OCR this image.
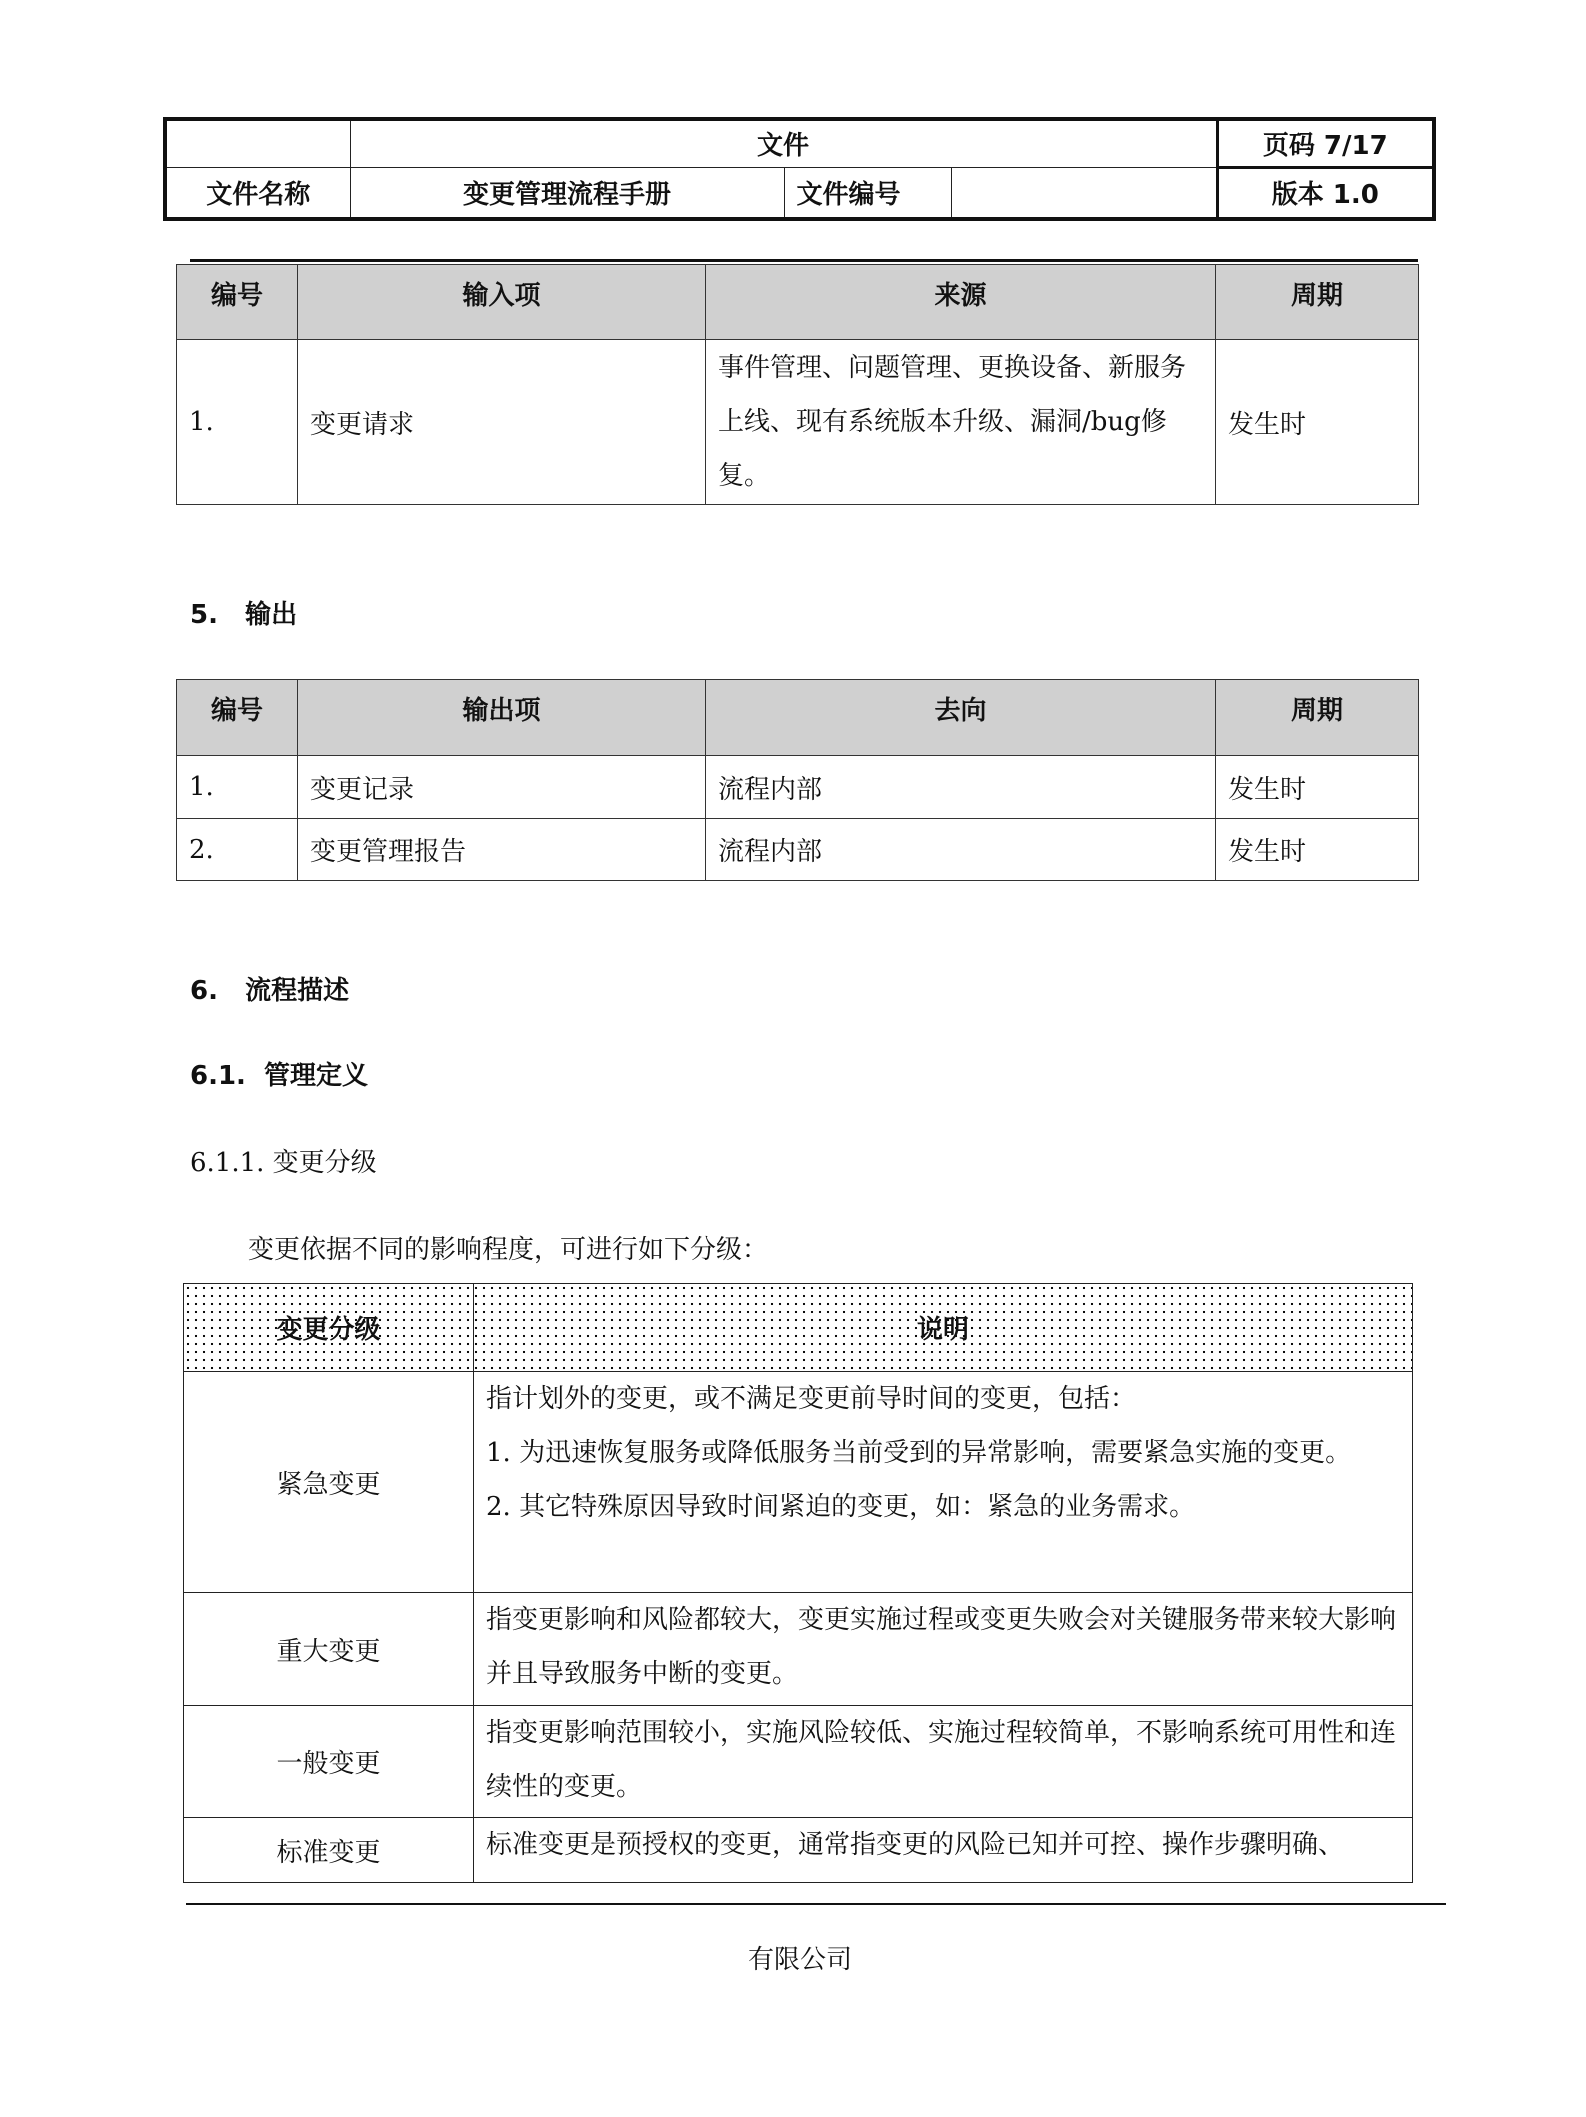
	文件			页码 7/17
文件名称	变更管理流程手册	文件编号		版本 1.0
编号	输入项	来源	周期
1.	变更请求	事件管理、问题管理、更换设备、新服务上线、现有系统版本升级、漏洞/bug修复。	发生时
5.   输出
编号	输出项	去向	周期
1.	变更记录	流程内部	发生时
2.	变更管理报告	流程内部	发生时
6.   流程描述
6.1.  管理定义
6.1.1. 变更分级
变更依据不同的影响程度，可进行如下分级：
变更分级	说明
紧急变更	指计划外的变更，或不满足变更前导时间的变更，包括：
1. 为迅速恢复服务或降低服务当前受到的异常影响，需要紧急实施的变更。
2. 其它特殊原因导致时间紧迫的变更，如：紧急的业务需求。

重大变更	指变更影响和风险都较大，变更实施过程或变更失败会对关键服务带来较大影响并且导致服务中断的变更。
一般变更	指变更影响范围较小，实施风险较低、实施过程较简单，不影响系统可用性和连续性的变更。
标准变更	标准变更是预授权的变更，通常指变更的风险已知并可控、操作步骤明确、
有限公司
